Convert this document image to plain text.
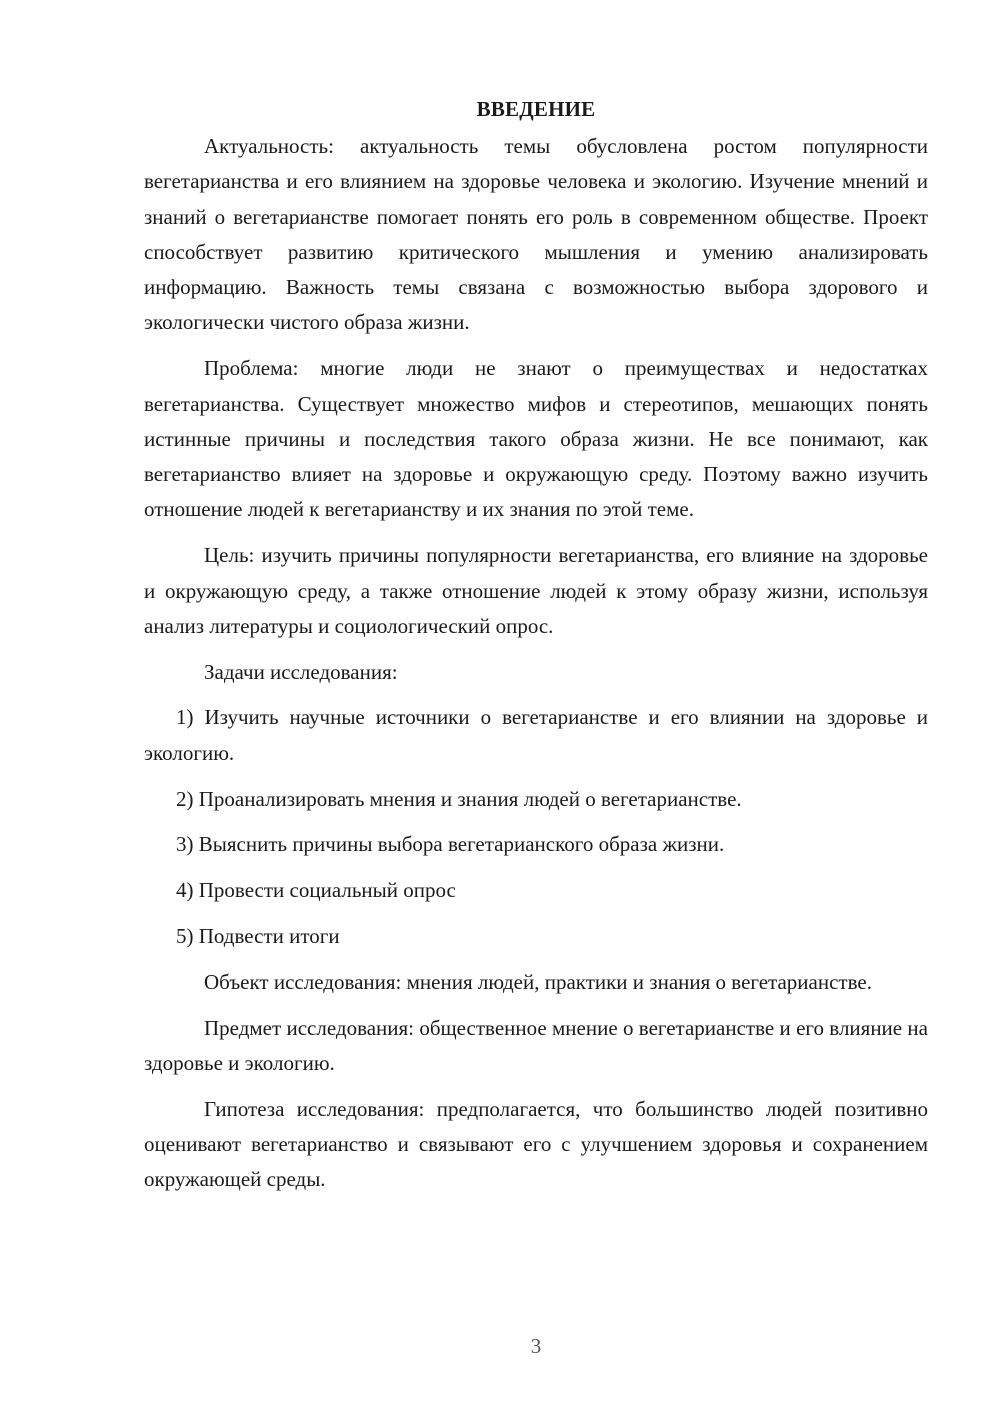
ВВЕДЕНИЕ

Актуальность: актуальность темы обусловлена ростом популярности вегетарианства и его влиянием на здоровье человека и экологию. Изучение мнений и знаний о вегетарианстве помогает понять его роль в современном обществе. Проект способствует развитию критического мышления и умению анализировать информацию. Важность темы связана с возможностью выбора здорового и экологически чистого образа жизни.

Проблема: многие люди не знают о преимуществах и недостатках вегетарианства. Существует множество мифов и стереотипов, мешающих понять истинные причины и последствия такого образа жизни. Не все понимают, как вегетарианство влияет на здоровье и окружающую среду. Поэтому важно изучить отношение людей к вегетарианству и их знания по этой теме.

Цель: изучить причины популярности вегетарианства, его влияние на здоровье и окружающую среду, а также отношение людей к этому образу жизни, используя анализ литературы и социологический опрос.

Задачи исследования:

1) Изучить научные источники о вегетарианстве и его влиянии на здоровье и экологию.

2) Проанализировать мнения и знания людей о вегетарианстве.

3) Выяснить причины выбора вегетарианского образа жизни.

4) Провести социальный опрос

5) Подвести итоги

Объект исследования: мнения людей, практики и знания о вегетарианстве.

Предмет исследования: общественное мнение о вегетарианстве и его влияние на здоровье и экологию.

Гипотеза исследования: предполагается, что большинство людей позитивно оценивают вегетарианство и связывают его с улучшением здоровья и сохранением окружающей среды.

3
